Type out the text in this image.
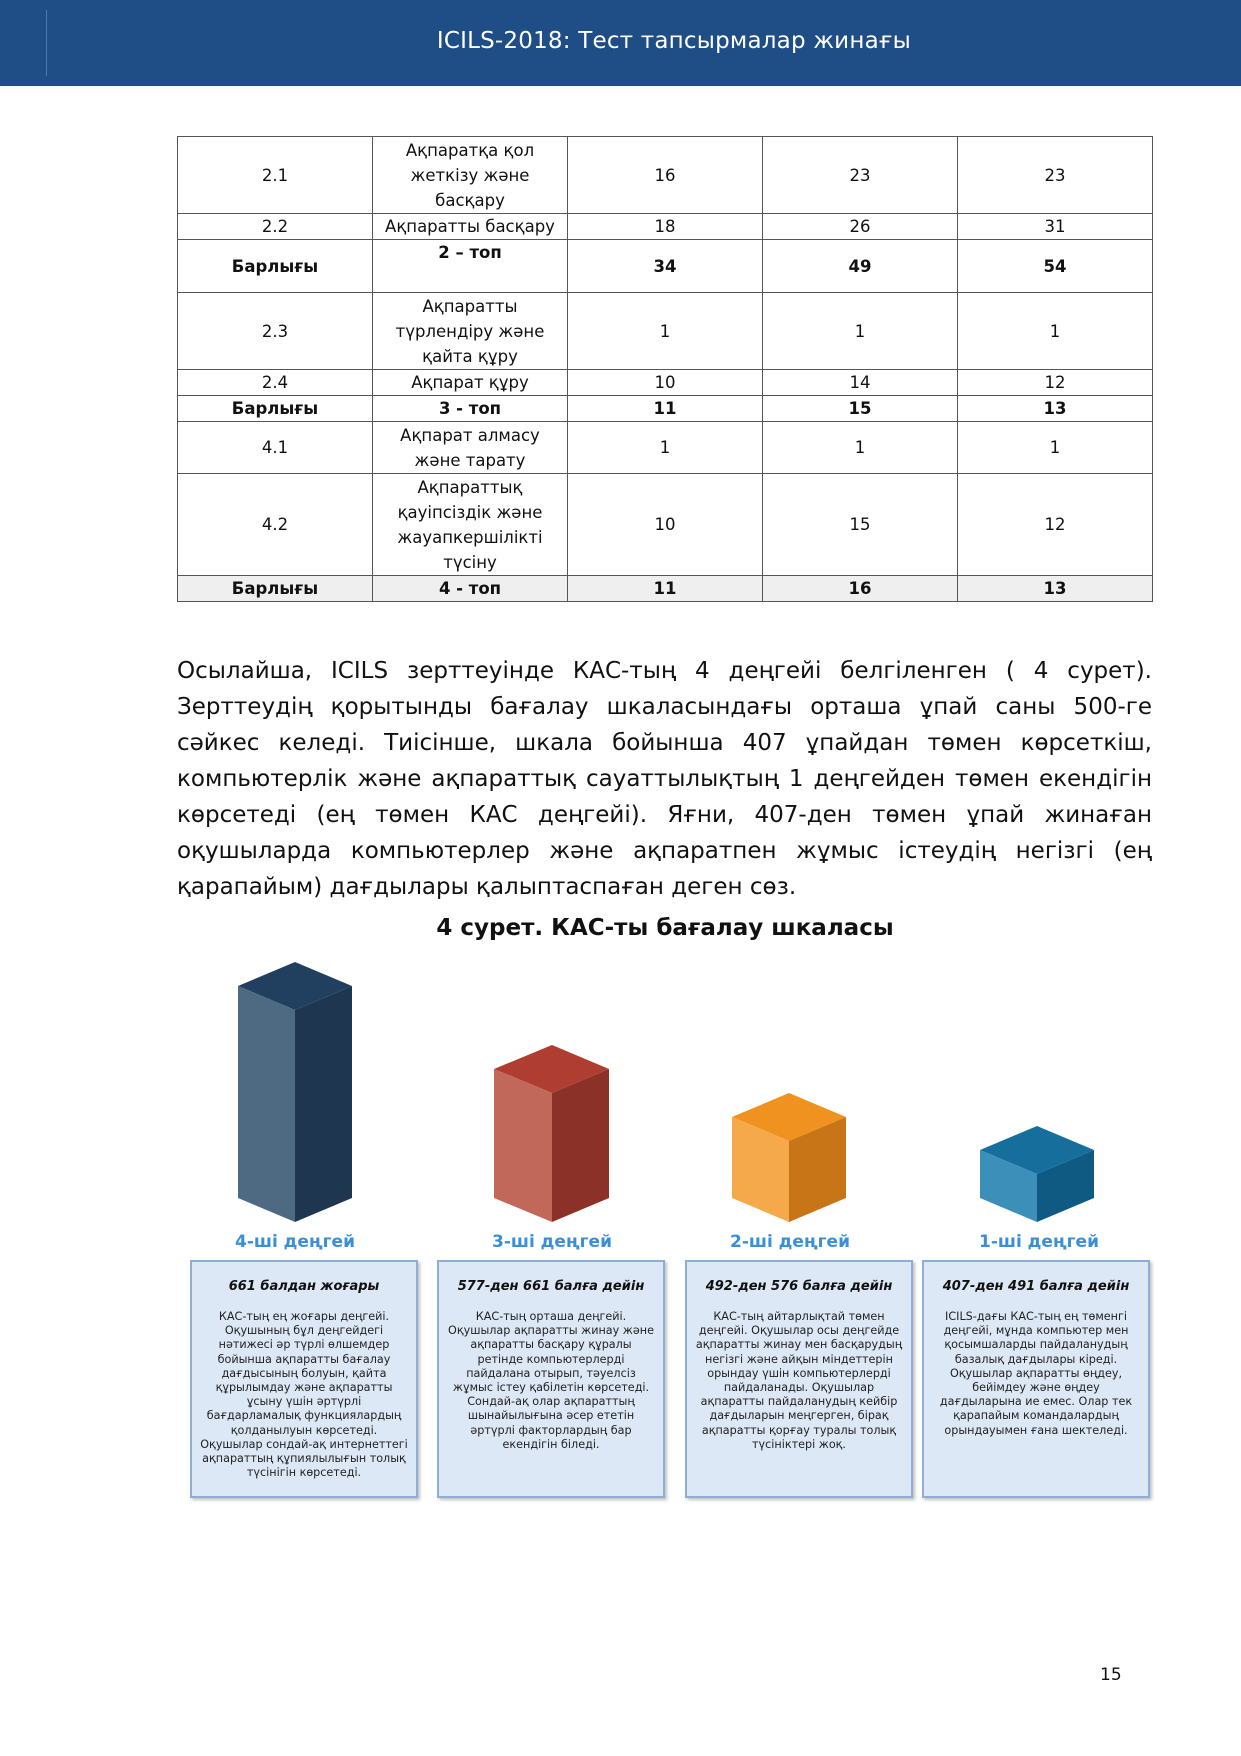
ICILS-2018: Тест тапсырмалар жинағы
2.1	Ақпаратқа қол жеткізу және басқару	16	23	23
2.2	Ақпаратты басқару	18	26	31
Барлығы	2 – топ	34	49	54
2.3	Ақпаратты түрлендіру және қайта құру	1	1	1
2.4	Ақпарат құру	10	14	12
Барлығы	3 - топ	11	15	13
4.1	Ақпарат алмасу және тарату	1	1	1
4.2	Ақпараттық қауіпсіздік және жауапкершілікті түсіну	10	15	12
Барлығы	4 - топ	11	16	13
Осылайша, ICILS зерттеуінде КАС-тың 4 деңгейі белгіленген ( 4 сурет). Зерттеудің қорытынды бағалау шкаласындағы орташа ұпай саны 500-ге сәйкес келеді. Тиісінше, шкала бойынша 407 ұпайдан төмен көрсеткіш, компьютерлік және ақпараттық сауаттылықтың 1 деңгейден төмен екендігін көрсетеді (ең төмен КАС деңгейі). Яғни, 407-ден төмен ұпай жинаған оқушыларда компьютерлер және ақпаратпен жұмыс істеудің негізгі (ең қарапайым) дағдылары қалыптаспаған деген сөз.
4 сурет. КАС-ты бағалау шкаласы
4-ші деңгей	3-ші деңгей	2-ші деңгей	1-ші деңгей
661 балдан жоғары
КАС-тың ең жоғары деңгейі. Оқушының бұл деңгейдегі нәтижесі әр түрлі өлшемдер бойынша ақпаратты бағалау дағдысының болуын, қайта құрылымдау және ақпаратты ұсыну үшін әртүрлі бағдарламалық функциялардың қолданылуын көрсетеді. Оқушылар сондай-ақ интернеттегі ақпараттың құпиялылығын толық түсінігін көрсетеді.
577-ден 661 балға дейін
КАС-тың орташа деңгейі. Оқушылар ақпаратты жинау және ақпаратты басқару құралы ретінде компьютерлерді пайдалана отырып, тәуелсіз жұмыс істеу қабілетін көрсетеді. Сондай-ақ олар ақпараттың шынайылығына әсер ететін әртүрлі факторлардың бар екендігін біледі.
492-ден 576 балға дейін
КАС-тың айтарлықтай төмен деңгейі. Оқушылар осы деңгейде ақпаратты жинау мен басқарудың негізгі және айқын міндеттерін орындау үшін компьютерлерді пайдаланады. Оқушылар ақпаратты пайдаланудың кейбір дағдыларын меңгерген, бірақ ақпаратты қорғау туралы толық түсініктері жоқ.
407-ден 491 балға дейін
ICILS-дағы КАС-тың ең төменгі деңгейі, мұнда компьютер мен қосымшаларды пайдаланудың базалық дағдылары кіреді. Оқушылар ақпаратты өңдеу, бейімдеу және өңдеу дағдыларына ие емес. Олар тек қарапайым командалардың орындауымен ғана шектеледі.
15
